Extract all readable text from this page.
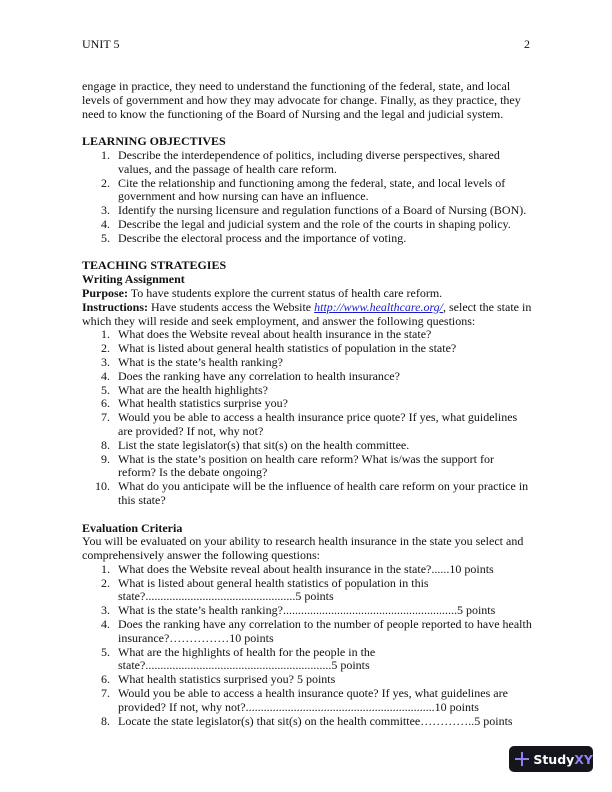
UNIT 5	2

engage in practice, they need to understand the functioning of the federal, state, and local levels of government and how they may advocate for change. Finally, as they practice, they need to know the functioning of the Board of Nursing and the legal and judicial system.

LEARNING OBJECTIVES

1. Describe the interdependence of politics, including diverse perspectives, shared values, and the passage of health care reform.
2. Cite the relationship and functioning among the federal, state, and local levels of government and how nursing can have an influence.
3. Identify the nursing licensure and regulation functions of a Board of Nursing (BON).
4. Describe the legal and judicial system and the role of the courts in shaping policy.
5. Describe the electoral process and the importance of voting.

TEACHING STRATEGIES

Writing Assignment

Purpose: To have students explore the current status of health care reform.

Instructions: Have students access the Website http://www.healthcare.org/, select the state in which they will reside and seek employment, and answer the following questions:

1. What does the Website reveal about health insurance in the state?
2. What is listed about general health statistics of population in the state?
3. What is the state’s health ranking?
4. Does the ranking have any correlation to health insurance?
5. What are the health highlights?
6. What health statistics surprise you?
7. Would you be able to access a health insurance price quote? If yes, what guidelines are provided? If not, why not?
8. List the state legislator(s) that sit(s) on the health committee.
9. What is the state’s position on health care reform? What is/was the support for reform? Is the debate ongoing?
10. What do you anticipate will be the influence of health care reform on your practice in this state?

Evaluation Criteria

You will be evaluated on your ability to research health insurance in the state you select and comprehensively answer the following questions:

1. What does the Website reveal about health insurance in the state?......10 points
2. What is listed about general health statistics of population in this state?..................................................5 points
3. What is the state’s health ranking?..........................................................5 points
4. Does the ranking have any correlation to the number of people reported to have health insurance?……………10 points
5. What are the highlights of health for the people in the state?..............................................................5 points
6. What health statistics surprised you? 5 points
7. Would you be able to access a health insurance quote? If yes, what guidelines are provided? If not, why not?...............................................................10 points
8. Locate the state legislator(s) that sit(s) on the health committee…………..5 points
StudyXY
